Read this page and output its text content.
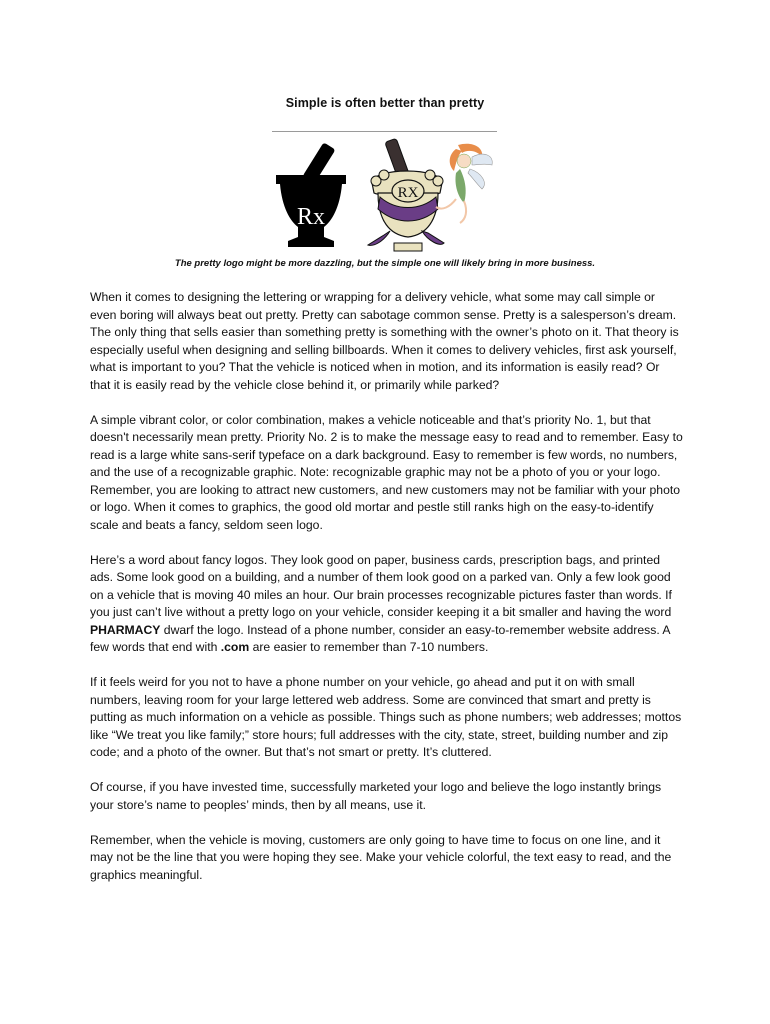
Simple is often better than pretty
Rx
RX
The pretty logo might be more dazzling, but the simple one will likely bring in more business.

When it comes to designing the lettering or wrapping for a delivery vehicle, what some may call simple or even boring will always beat out pretty. Pretty can sabotage common sense. Pretty is a salesperson’s dream. The only thing that sells easier than something pretty is something with the owner’s photo on it. That theory is especially useful when designing and selling billboards. When it comes to delivery vehicles, first ask yourself, what is important to you? That the vehicle is noticed when in motion, and its information is easily read? Or that it is easily read by the vehicle close behind it, or primarily while parked?

A simple vibrant color, or color combination, makes a vehicle noticeable and that’s priority No. 1, but that doesn't necessarily mean pretty. Priority No. 2 is to make the message easy to read and to remember. Easy to read is a large white sans-serif typeface on a dark background. Easy to remember is few words, no numbers, and the use of a recognizable graphic. Note: recognizable graphic may not be a photo of you or your logo. Remember, you are looking to attract new customers, and new customers may not be familiar with your photo or logo. When it comes to graphics, the good old mortar and pestle still ranks high on the easy-to-identify scale and beats a fancy, seldom seen logo.

Here’s a word about fancy logos. They look good on paper, business cards, prescription bags, and printed ads. Some look good on a building, and a number of them look good on a parked van. Only a few look good on a vehicle that is moving 40 miles an hour. Our brain processes recognizable pictures faster than words. If you just can’t live without a pretty logo on your vehicle, consider keeping it a bit smaller and having the word PHARMACY dwarf the logo. Instead of a phone number, consider an easy-to-remember website address. A few words that end with .com are easier to remember than 7-10 numbers.

If it feels weird for you not to have a phone number on your vehicle, go ahead and put it on with small numbers, leaving room for your large lettered web address. Some are convinced that smart and pretty is putting as much information on a vehicle as possible. Things such as phone numbers; web addresses; mottos like “We treat you like family;” store hours; full addresses with the city, state, street, building number and zip code; and a photo of the owner. But that’s not smart or pretty. It’s cluttered.

Of course, if you have invested time, successfully marketed your logo and believe the logo instantly brings your store’s name to peoples’ minds, then by all means, use it.

Remember, when the vehicle is moving, customers are only going to have time to focus on one line, and it may not be the line that you were hoping they see. Make your vehicle colorful, the text easy to read, and the graphics meaningful.
